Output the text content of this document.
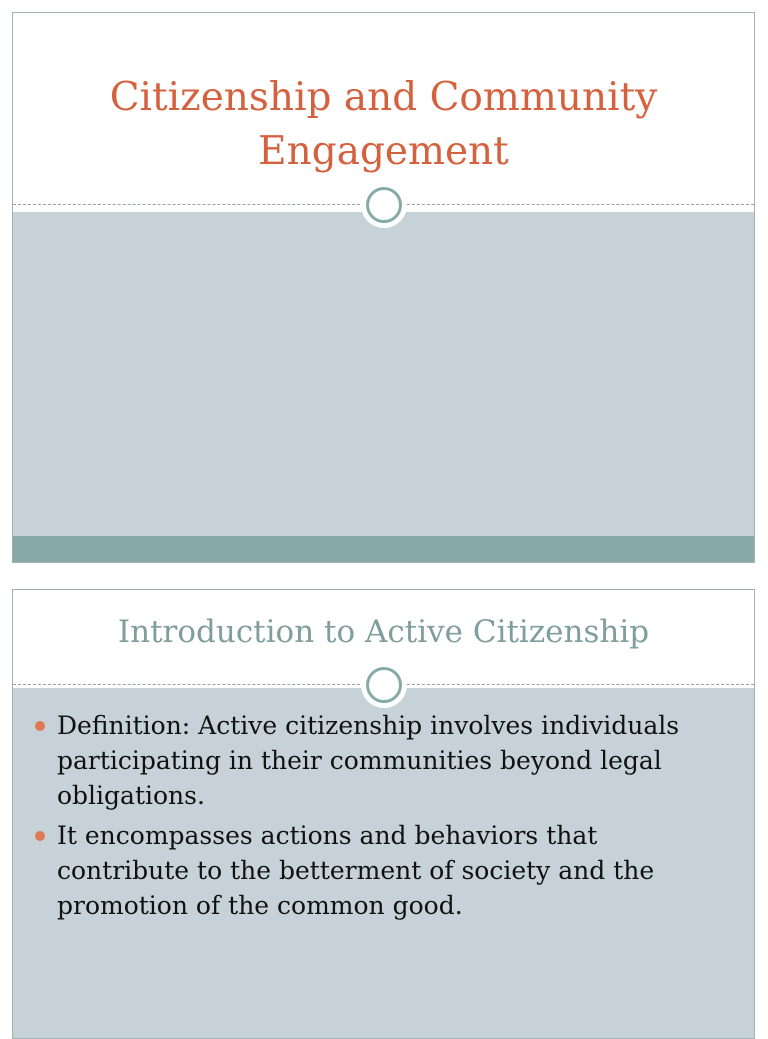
Citizenship and Community
Engagement
Introduction to Active Citizenship
Definition: Active citizenship involves individuals participating in their communities beyond legal obligations.
It encompasses actions and behaviors that contribute to the betterment of society and the promotion of the common good.
